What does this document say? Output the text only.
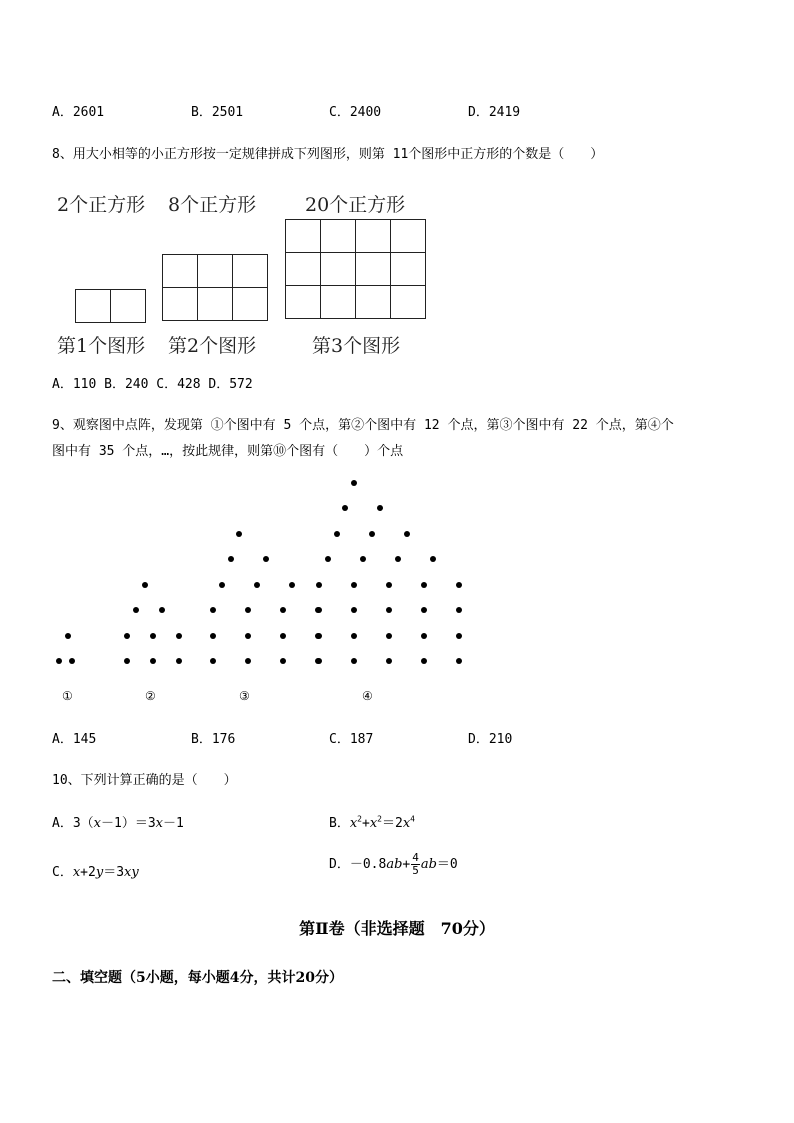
A．2601	B．2501	C．2400	D．2419
8、用大小相等的小正方形按一定规律拼成下列图形，则第 11个图形中正方形的个数是（　　）
2个正方形 8个正方形	20个正方形

第1个图形 第2个图形	第3个图形
A．110 B．240 C．428 D．572
9、观察图中点阵，发现第 ①个图中有 5 个点，第②个图中有 12 个点，第③个图中有 22 个点，第④个
图中有 35 个点，…，按此规律，则第⑩个图有（　　）个点
①	②	③	④
A．145	B．176	C．187	D．210
10、下列计算正确的是（　　）
A．3（x－1）＝3x－1	B．$x^2+x^2=2x^4$
C．x+2y＝3xy
D．$-0.8ab+ \frac{4}{5} ab=0$
第Ⅱ卷（非选择题　70分）
二、填空题（5小题，每小题4分，共计20分）
